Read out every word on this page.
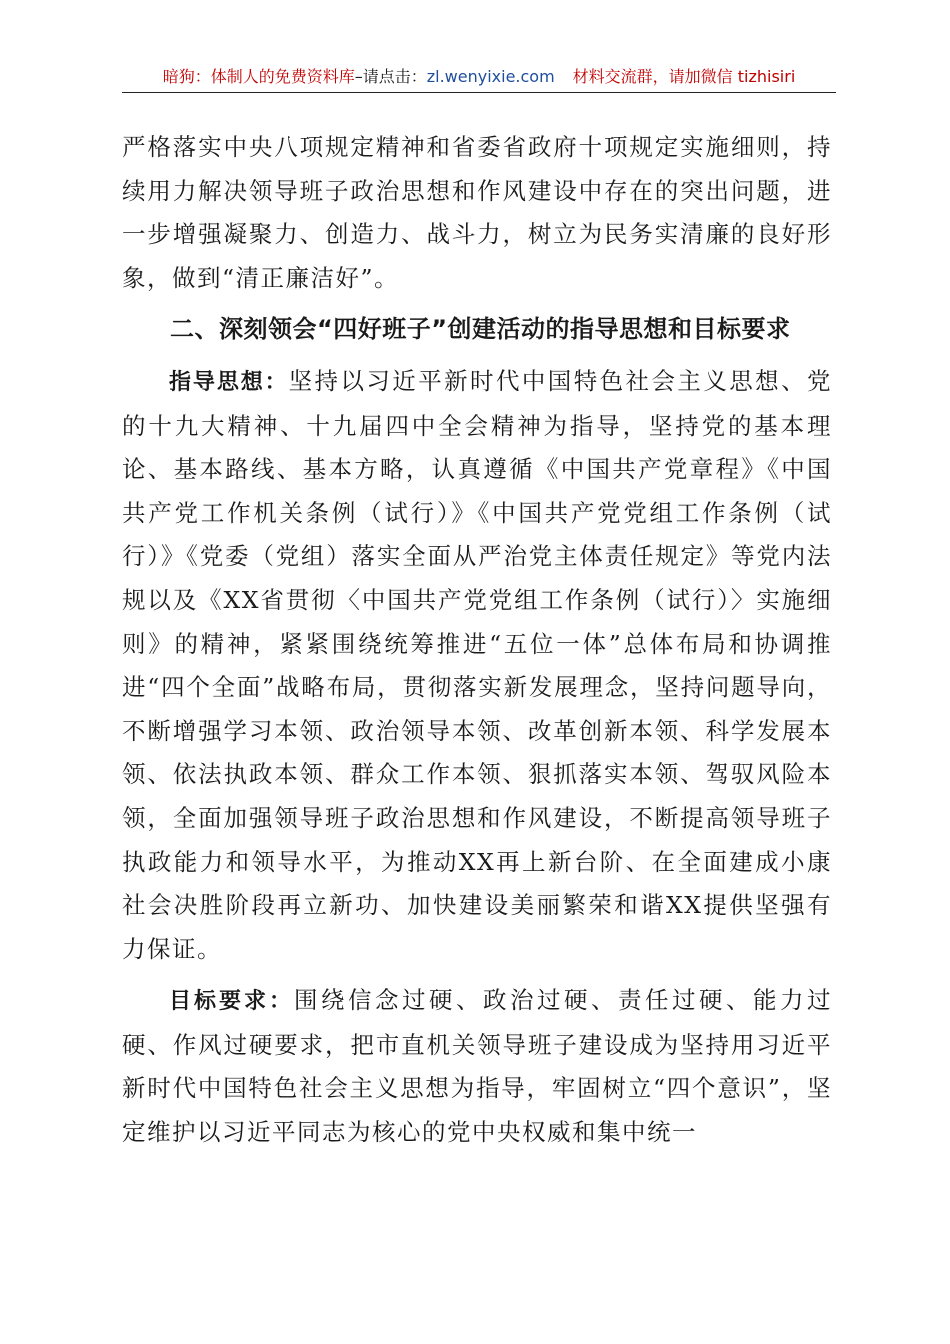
暗狗：体制人的免费资料库–请点击：zl.wenyixie.com 材料交流群，请加微信 tizhisiri

严格落实中央八项规定精神和省委省政府十项规定实施细则，持续用力解决领导班子政治思想和作风建设中存在的突出问题，进一步增强凝聚力、创造力、战斗力，树立为民务实清廉的良好形象，做到“清正廉洁好”。

二、深刻领会“四好班子”创建活动的指导思想和目标要求

指导思想：坚持以习近平新时代中国特色社会主义思想、党的十九大精神、十九届四中全会精神为指导，坚持党的基本理论、基本路线、基本方略，认真遵循《中国共产党章程》《中国共产党工作机关条例（试行）》《中国共产党党组工作条例（试行）》《党委（党组）落实全面从严治党主体责任规定》等党内法规以及《XX省贯彻〈中国共产党党组工作条例（试行）〉实施细则》的精神，紧紧围绕统筹推进“五位一体”总体布局和协调推进“四个全面”战略布局，贯彻落实新发展理念，坚持问题导向，不断增强学习本领、政治领导本领、改革创新本领、科学发展本领、依法执政本领、群众工作本领、狠抓落实本领、驾驭风险本领，全面加强领导班子政治思想和作风建设，不断提高领导班子执政能力和领导水平，为推动XX再上新台阶、在全面建成小康社会决胜阶段再立新功、加快建设美丽繁荣和谐XX提供坚强有力保证。

目标要求：围绕信念过硬、政治过硬、责任过硬、能力过硬、作风过硬要求，把市直机关领导班子建设成为坚持用习近平新时代中国特色社会主义思想为指导，牢固树立“四个意识”，坚定维护以习近平同志为核心的党中央权威和集中统一
